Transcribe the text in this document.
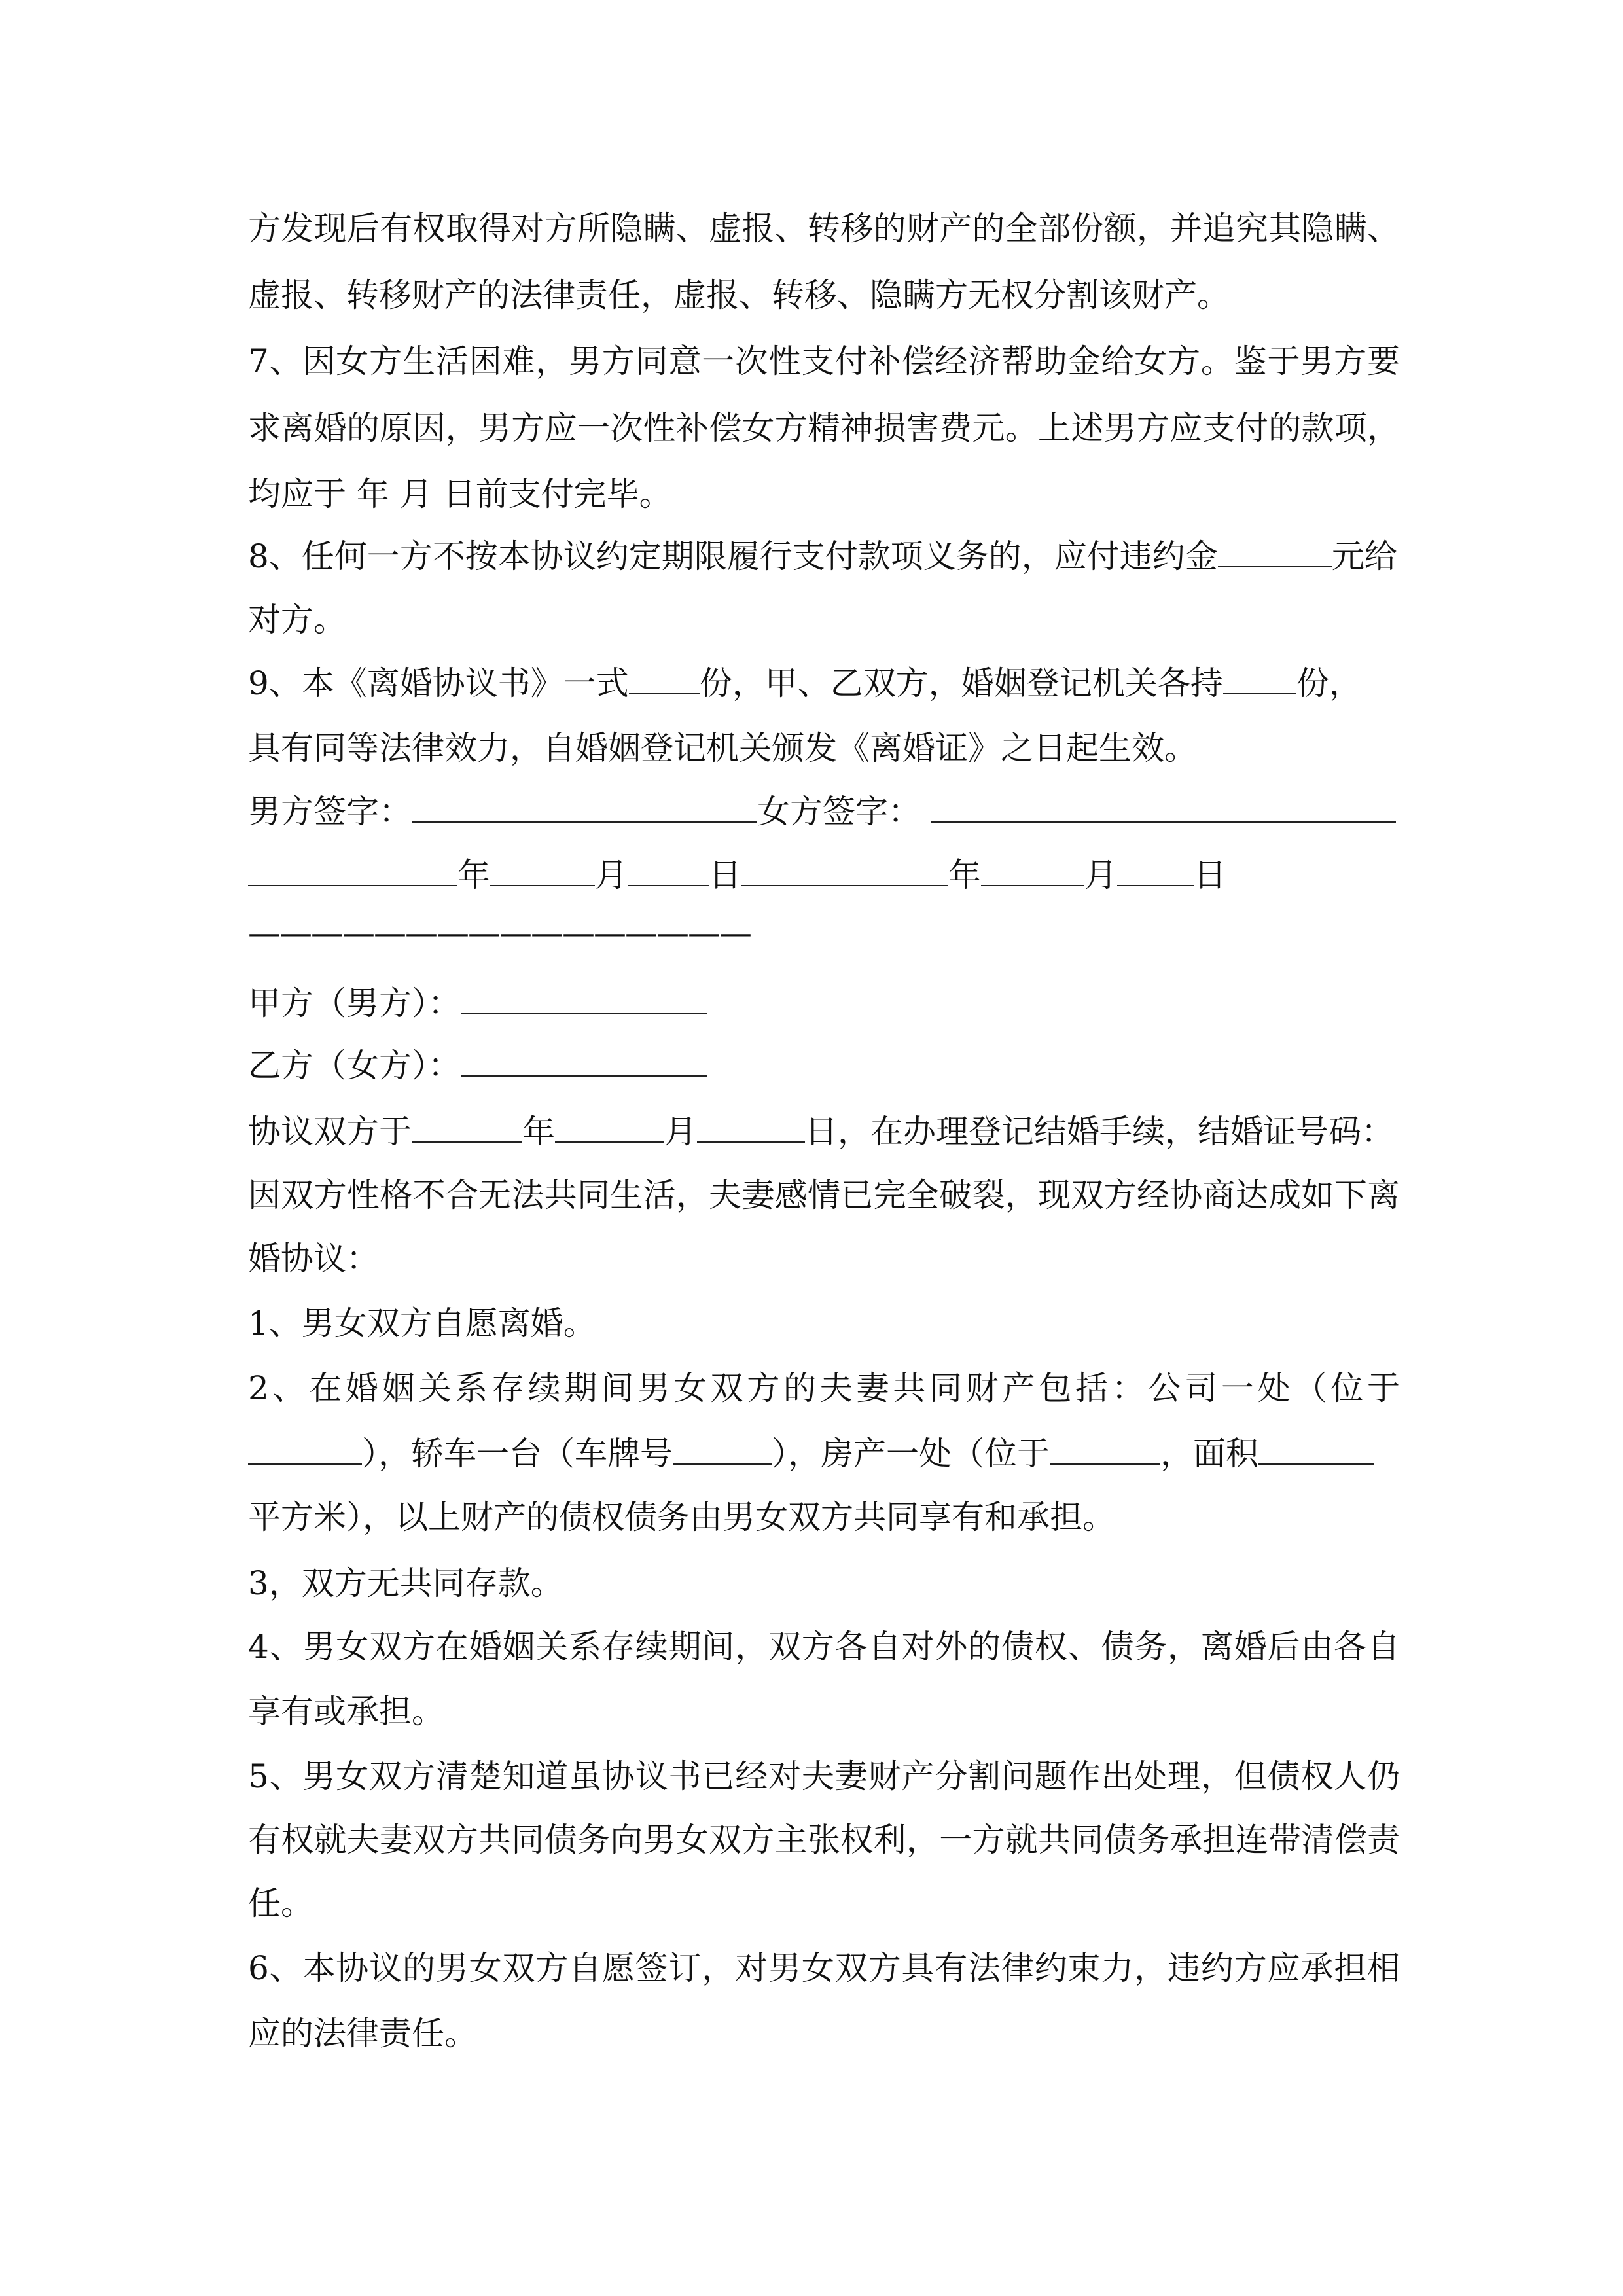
方发现后有权取得对方所隐瞒、虚报、转移的财产的全部份额，并追究其隐瞒、
虚报、转移财产的法律责任，虚报、转移、隐瞒方无权分割该财产。
7、因女方生活困难，男方同意一次性支付补偿经济帮助金给女方。鉴于男方要
求离婚的原因，男方应一次性补偿女方精神损害费元。上述男方应支付的款项，
均应于 年 月 日前支付完毕。
8、任何一方不按本协议约定期限履行支付款项义务的，应付违约金	元给
对方。
9、本《离婚协议书》一式 份，甲、乙双方，婚姻登记机关各持 份，
具有同等法律效力，自婚姻登记机关颁发《离婚证》之日起生效。
男方签字：	女方签字：
年	月 日	年	月 日
————————————————
甲方（男方）：
乙方（女方）：
协议双方于	年	月	日，在办理登记结婚手续，结婚证号码：
因双方性格不合无法共同生活，夫妻感情已完全破裂，现双方经协商达成如下离
婚协议：
1、男女双方自愿离婚。
2、在婚姻关系存续期间男女双方的夫妻共同财产包括：公司一处（位于
），轿车一台（车牌号	），房产一处（位于	，面积
平方米），以上财产的债权债务由男女双方共同享有和承担。
3，双方无共同存款。
4、男女双方在婚姻关系存续期间，双方各自对外的债权、债务，离婚后由各自
享有或承担。
5、男女双方清楚知道虽协议书已经对夫妻财产分割问题作出处理，但债权人仍
有权就夫妻双方共同债务向男女双方主张权利，一方就共同债务承担连带清偿责
任。
6、本协议的男女双方自愿签订，对男女双方具有法律约束力，违约方应承担相
应的法律责任。
